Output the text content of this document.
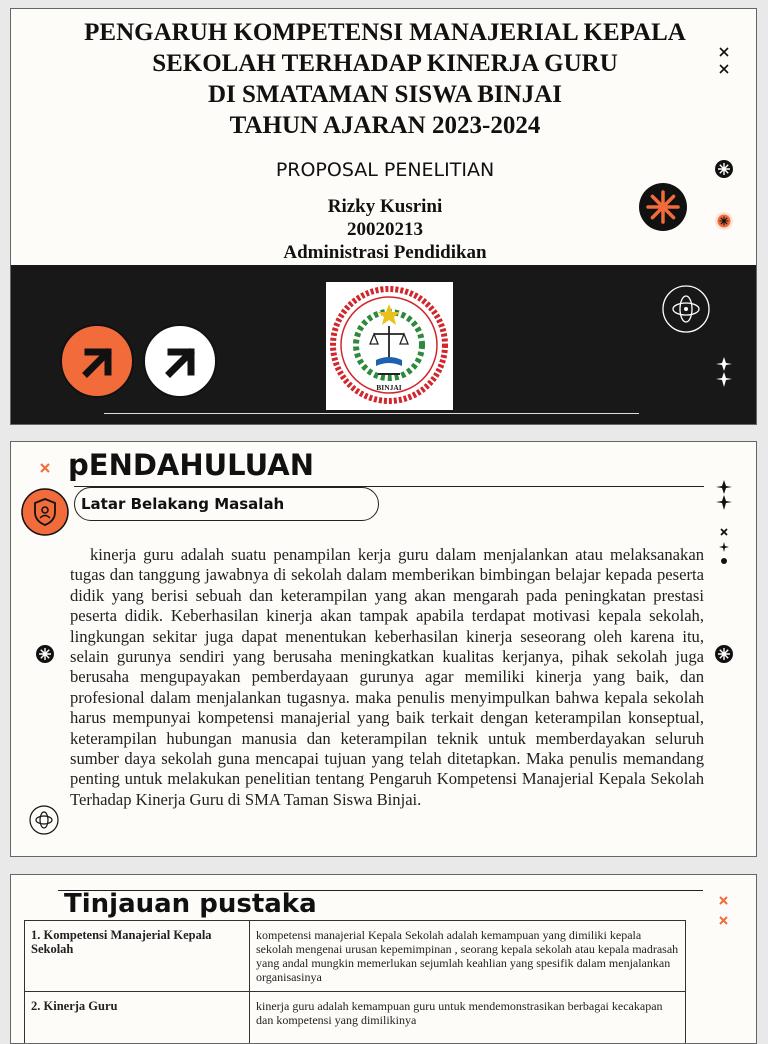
PENGARUH KOMPETENSI MANAJERIAL KEPALA
SEKOLAH TERHADAP KINERJA GURU
DI SMATAMAN SISWA BINJAI
TAHUN AJARAN 2023-2024
PROPOSAL PENELITIAN
Rizky Kusrini
20020213
Administrasi Pendidikan
BINJAI
pENDAHULUAN
Latar Belakang Masalah
kinerja guru adalah suatu penampilan kerja guru dalam menjalankan atau melaksanakan tugas dan tanggung jawabnya di sekolah dalam memberikan bimbingan belajar kepada peserta didik yang berisi sebuah dan keterampilan yang akan mengarah pada peningkatan prestasi peserta didik. Keberhasilan kinerja akan tampak apabila terdapat motivasi kepala sekolah, lingkungan sekitar juga dapat menentukan keberhasilan kinerja seseorang oleh karena itu, selain gurunya sendiri yang berusaha meningkatkan kualitas kerjanya, pihak sekolah juga berusaha mengupayakan pemberdayaan gurunya agar memiliki kinerja yang baik, dan profesional dalam menjalankan tugasnya. maka penulis menyimpulkan bahwa kepala sekolah harus mempunyai kompetensi manajerial yang baik terkait dengan keterampilan konseptual, keterampilan hubungan manusia dan keterampilan teknik untuk memberdayakan seluruh sumber daya sekolah guna mencapai tujuan yang telah ditetapkan. Maka penulis memandang penting untuk melakukan penelitian tentang Pengaruh Kompetensi Manajerial Kepala Sekolah Terhadap Kinerja Guru di SMA Taman Siswa Binjai.
Tinjauan pustaka
1. Kompetensi Manajerial Kepala Sekolah	kompetensi manajerial Kepala Sekolah adalah kemampuan yang dimiliki kepala sekolah mengenai urusan kepemimpinan , seorang kepala sekolah atau kepala madrasah yang andal mungkin memerlukan sejumlah keahlian yang spesifik dalam menjalankan organisasinya
2. Kinerja Guru	kinerja guru adalah kemampuan guru untuk mendemonstrasikan berbagai kecakapan dan kompetensi yang dimilikinya
